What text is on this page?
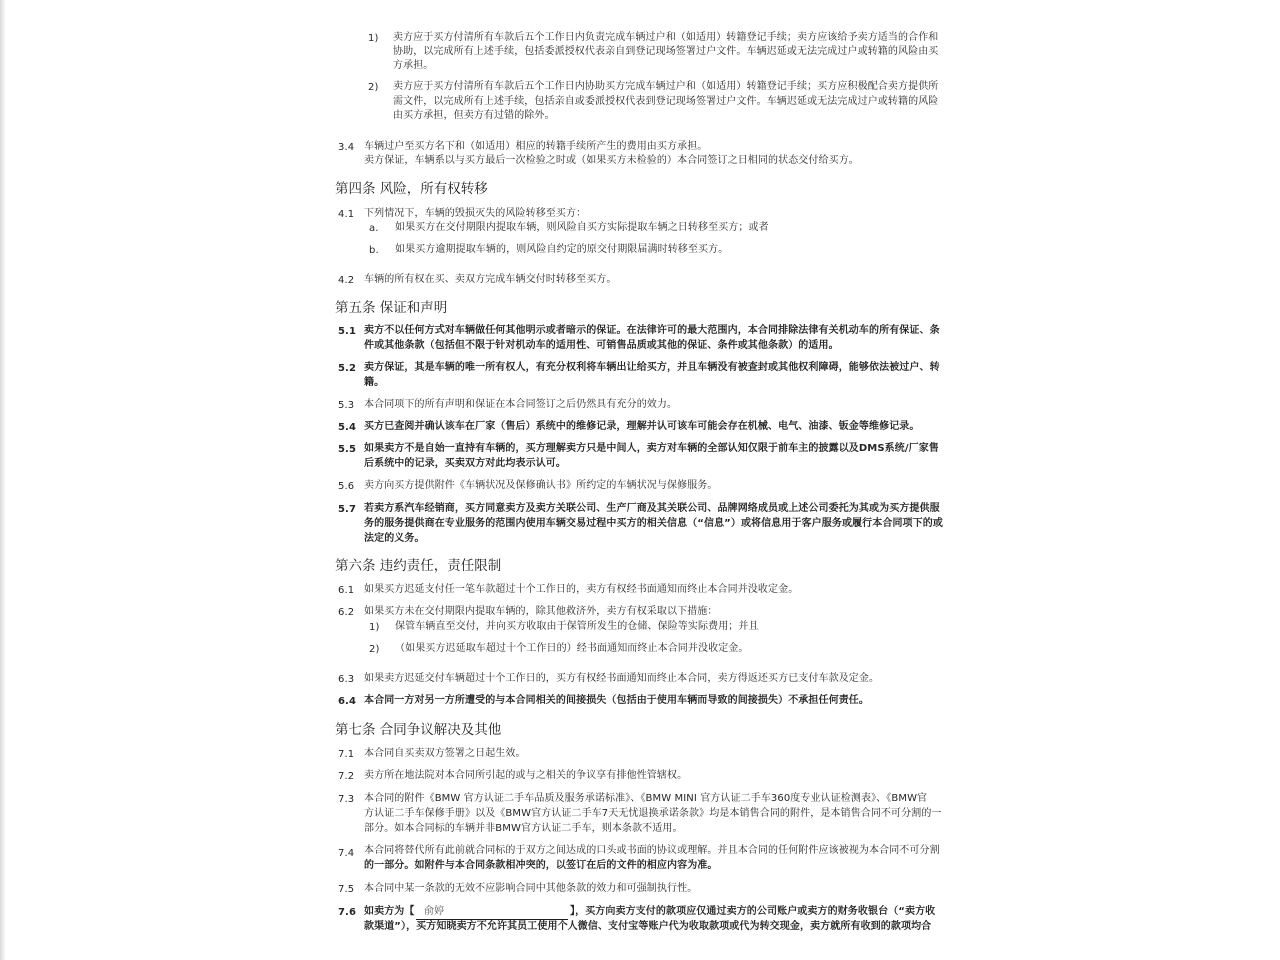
1) 卖方应于买方付清所有车款后五个工作日内负责完成车辆过户和（如适用）转籍登记手续；卖方应该给予卖方适当的合作和
协助，以完成所有上述手续，包括委派授权代表亲自到登记现场签署过户文件。车辆迟延或无法完成过户或转籍的风险由买
方承担。
2) 卖方应于买方付清所有车款后五个工作日内协助买方完成车辆过户和（如适用）转籍登记手续；买方应积极配合卖方提供所
需文件，以完成所有上述手续，包括亲自或委派授权代表到登记现场签署过户文件。车辆迟延或无法完成过户或转籍的风险
由买方承担，但卖方有过错的除外。
3.4 车辆过户至买方名下和（如适用）相应的转籍手续所产生的费用由买方承担。
卖方保证，车辆系以与买方最后一次检验之时或（如果买方未检验的）本合同签订之日相同的状态交付给买方。
第四条 风险，所有权转移
4.1 下列情况下，车辆的毁损灭失的风险转移至买方：
a. 如果买方在交付期限内提取车辆，则风险自买方实际提取车辆之日转移至买方；或者
b. 如果买方逾期提取车辆的，则风险自约定的原交付期限届满时转移至买方。
4.2 车辆的所有权在买、卖双方完成车辆交付时转移至买方。
第五条 保证和声明
5.1 卖方不以任何方式对车辆做任何其他明示或者暗示的保证。在法律许可的最大范围内，本合同排除法律有关机动车的所有保证、条
件或其他条款（包括但不限于针对机动车的适用性、可销售品质或其他的保证、条件或其他条款）的适用。
5.2 卖方保证，其是车辆的唯一所有权人，有充分权利将车辆出让给买方，并且车辆没有被查封或其他权利障碍，能够依法被过户、转
籍。
5.3 本合同项下的所有声明和保证在本合同签订之后仍然具有充分的效力。
5.4 买方已查阅并确认该车在厂家（售后）系统中的维修记录，理解并认可该车可能会存在机械、电气、油漆、钣金等维修记录。
5.5 如果卖方不是自始一直持有车辆的，买方理解卖方只是中间人，卖方对车辆的全部认知仅限于前车主的披露以及DMS系统/厂家售
后系统中的记录，买卖双方对此均表示认可。
5.6 卖方向买方提供附件《车辆状况及保修确认书》所约定的车辆状况与保修服务。
5.7 若卖方系汽车经销商，买方同意卖方及卖方关联公司、生产厂商及其关联公司、品牌网络成员或上述公司委托为其或为买方提供服
务的服务提供商在专业服务的范围内使用车辆交易过程中买方的相关信息（“信息”）或将信息用于客户服务或履行本合同项下的或
法定的义务。
第六条 违约责任，责任限制
6.1 如果买方迟延支付任一笔车款超过十个工作日的，卖方有权经书面通知而终止本合同并没收定金。
6.2 如果买方未在交付期限内提取车辆的，除其他救济外，卖方有权采取以下措施：
1) 保管车辆直至交付，并向买方收取由于保管所发生的仓储、保险等实际费用；并且
2) （如果买方迟延取车超过十个工作日的）经书面通知而终止本合同并没收定金。
6.3 如果卖方迟延交付车辆超过十个工作日的，买方有权经书面通知而终止本合同，卖方得返还买方已支付车款及定金。
6.4 本合同一方对另一方所遭受的与本合同相关的间接损失（包括由于使用车辆而导致的间接损失）不承担任何责任。
第七条 合同争议解决及其他
7.1 本合同自买卖双方签署之日起生效。
7.2 卖方所在地法院对本合同所引起的或与之相关的争议享有排他性管辖权。
7.3 本合同的附件《BMW 官方认证二手车品质及服务承诺标准》、《BMW MINI 官方认证二手车360度专业认证检测表》、《BMW官
方认证二手车保修手册》以及《BMW官方认证二手车7天无忧退换承诺条款》均是本销售合同的附件，是本销售合同不可分割的一
部分。如本合同标的车辆并非BMW官方认证二手车，则本条款不适用。
7.4 本合同将替代所有此前就合同标的于双方之间达成的口头或书面的协议或理解。并且本合同的任何附件应该被视为本合同不可分割
的一部分。如附件与本合同条款相冲突的，以签订在后的文件的相应内容为准。
7.5 本合同中某一条款的无效不应影响合同中其他条款的效力和可强制执行性。
7.6 如卖方为【 俞婷	】，买方向卖方支付的款项应仅通过卖方的公司账户或卖方的财务收银台（“卖方收
款渠道”），买方知晓卖方不允许其员工使用个人微信、支付宝等账户代为收取款项或代为转交现金，卖方就所有收到的款项均合
